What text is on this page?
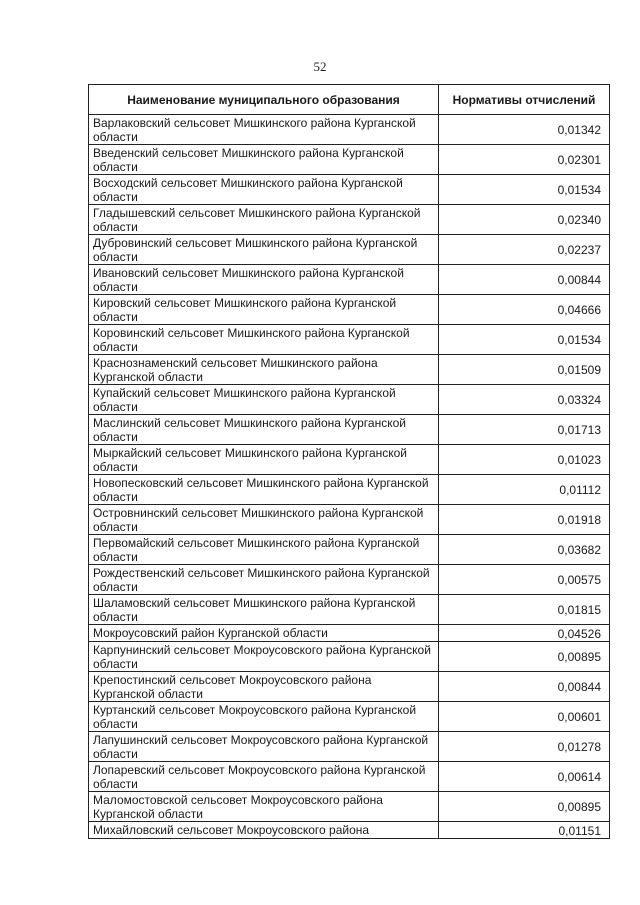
52
Наименование муниципального образования	Нормативы отчислений
Варлаковский сельсовет Мишкинского района Курганской области	0,01342
Введенский сельсовет Мишкинского района Курганской области	0,02301
Восходский сельсовет Мишкинского района Курганской области	0,01534
Гладышевский сельсовет Мишкинского района Курганской области	0,02340
Дубровинский сельсовет Мишкинского района Курганской области	0,02237
Ивановский сельсовет Мишкинского района Курганской области	0,00844
Кировский сельсовет Мишкинского района Курганской области	0,04666
Коровинский сельсовет Мишкинского района Курганской области	0,01534
Краснознаменский сельсовет Мишкинского района Курганской области	0,01509
Купайский сельсовет Мишкинского района Курганской области	0,03324
Маслинский сельсовет Мишкинского района Курганской области	0,01713
Мыркайский сельсовет Мишкинского района Курганской области	0,01023
Новопесковский сельсовет Мишкинского района Курганской области	0,01112
Островнинский сельсовет Мишкинского района Курганской области	0,01918
Первомайский сельсовет Мишкинского района Курганской области	0,03682
Рождественский сельсовет Мишкинского района Курганской области	0,00575
Шаламовский сельсовет Мишкинского района Курганской области	0,01815
Мокроусовский район Курганской области	0,04526
Карпунинский сельсовет Мокроусовского района Курганской области	0,00895
Крепостинский сельсовет Мокроусовского района Курганской области	0,00844
Куртанский сельсовет Мокроусовского района Курганской области	0,00601
Лапушинский сельсовет Мокроусовского района Курганской области	0,01278
Лопаревский сельсовет Мокроусовского района Курганской области	0,00614
Маломостовской сельсовет Мокроусовского района Курганской области	0,00895
Михайловский сельсовет Мокроусовского района	0,01151
